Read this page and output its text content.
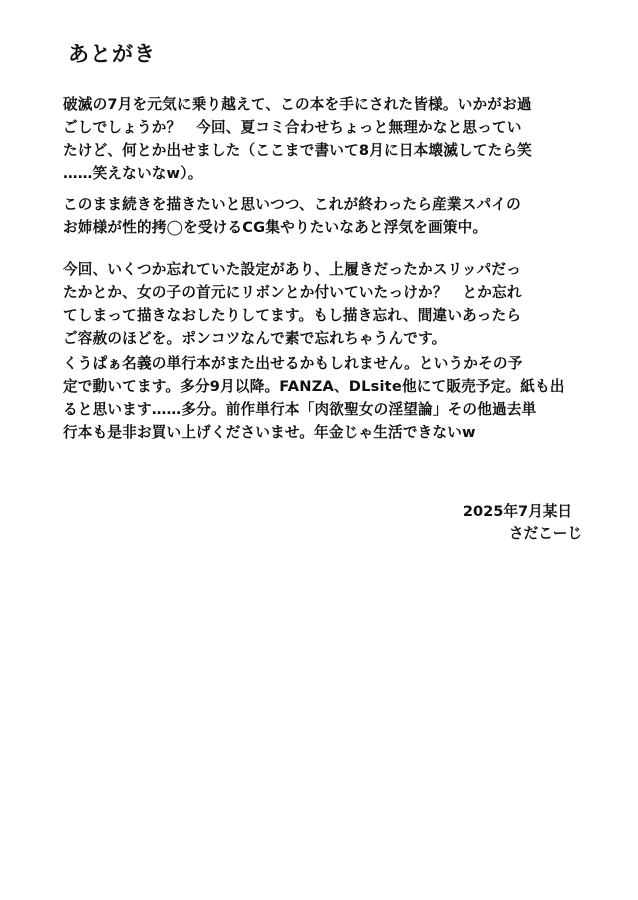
あとがき
破滅の7月を元気に乗り越えて、この本を手にされた皆様。いかがお過
ごしでしょうか？　今回、夏コミ合わせちょっと無理かなと思ってい
たけど、何とか出せました（ここまで書いて8月に日本壊滅してたら笑
……笑えないなw）。
このまま続きを描きたいと思いつつ、これが終わったら産業スパイの
お姉様が性的拷◯を受けるCG集やりたいなあと浮気を画策中。
今回、いくつか忘れていた設定があり、上履きだったかスリッパだっ
たかとか、女の子の首元にリボンとか付いていたっけか？　とか忘れ
てしまって描きなおしたりしてます。もし描き忘れ、間違いあったら
ご容赦のほどを。ポンコツなんで素で忘れちゃうんです。
くうぱぁ名義の単行本がまた出せるかもしれません。というかその予
定で動いてます。多分9月以降。FANZA、DLsite他にて販売予定。紙も出
ると思います……多分。前作単行本「肉欲聖女の淫望論」その他過去単
行本も是非お買い上げくださいませ。年金じゃ生活できないw
2025年7月某日
さだこーじ
